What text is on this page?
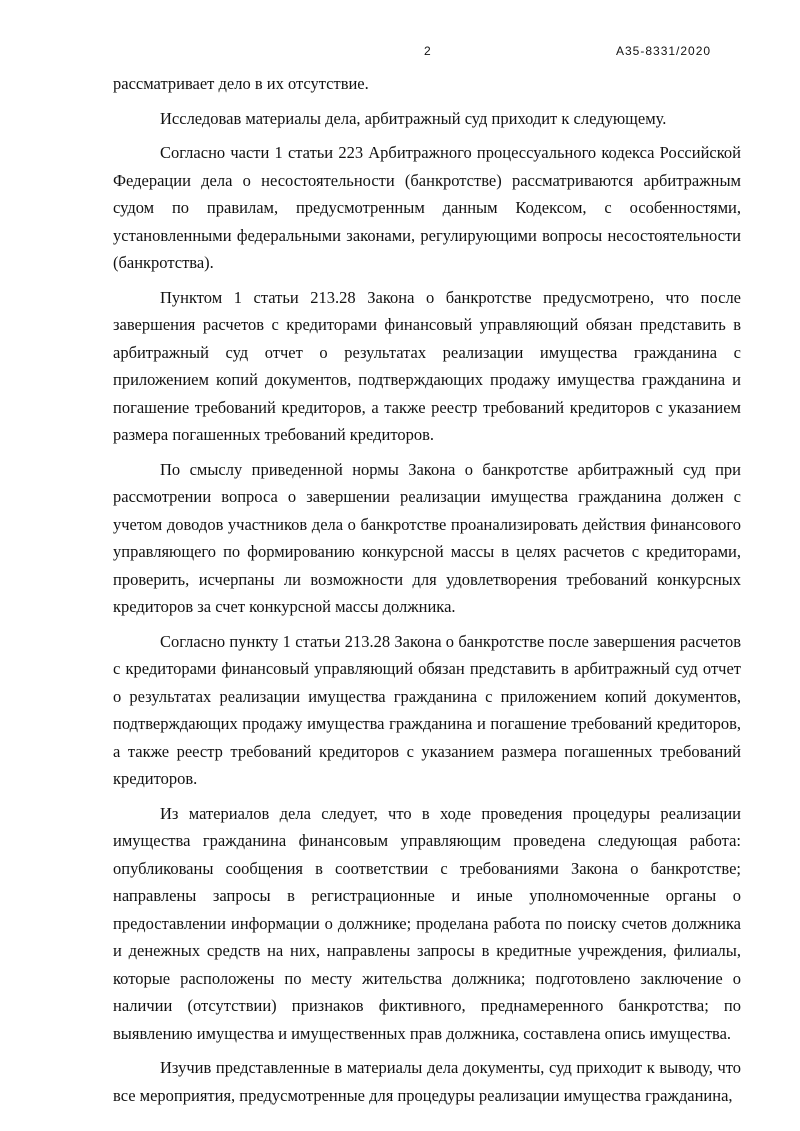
2	А35-8331/2020

рассматривает дело в их отсутствие.

Исследовав материалы дела, арбитражный суд приходит к следующему.

Согласно части 1 статьи 223 Арбитражного процессуального кодекса Российской Федерации дела о несостоятельности (банкротстве) рассматриваются арбитражным судом по правилам, предусмотренным данным Кодексом, с особенностями, установленными федеральными законами, регулирующими вопросы несостоятельности (банкротства).

Пунктом 1 статьи 213.28 Закона о банкротстве предусмотрено, что после завершения расчетов с кредиторами финансовый управляющий обязан представить в арбитражный суд отчет о результатах реализации имущества гражданина с приложением копий документов, подтверждающих продажу имущества гражданина и погашение требований кредиторов, а также реестр требований кредиторов с указанием размера погашенных требований кредиторов.

По смыслу приведенной нормы Закона о банкротстве арбитражный суд при рассмотрении вопроса о завершении реализации имущества гражданина должен с учетом доводов участников дела о банкротстве проанализировать действия финансового управляющего по формированию конкурсной массы в целях расчетов с кредиторами, проверить, исчерпаны ли возможности для удовлетворения требований конкурсных кредиторов за счет конкурсной массы должника.

Согласно пункту 1 статьи 213.28 Закона о банкротстве после завершения расчетов с кредиторами финансовый управляющий обязан представить в арбитражный суд отчет о результатах реализации имущества гражданина с приложением копий документов, подтверждающих продажу имущества гражданина и погашение требований кредиторов, а также реестр требований кредиторов с указанием размера погашенных требований кредиторов.

Из материалов дела следует, что в ходе проведения процедуры реализации имущества гражданина финансовым управляющим проведена следующая работа: опубликованы сообщения в соответствии с требованиями Закона о банкротстве; направлены запросы в регистрационные и иные уполномоченные органы о предоставлении информации о должнике; проделана работа по поиску счетов должника и денежных средств на них, направлены запросы в кредитные учреждения, филиалы, которые расположены по месту жительства должника; подготовлено заключение о наличии (отсутствии) признаков фиктивного, преднамеренного банкротства; по выявлению имущества и имущественных прав должника, составлена опись имущества.

Изучив представленные в материалы дела документы, суд приходит к выводу, что все мероприятия, предусмотренные для процедуры реализации имущества гражданина,
